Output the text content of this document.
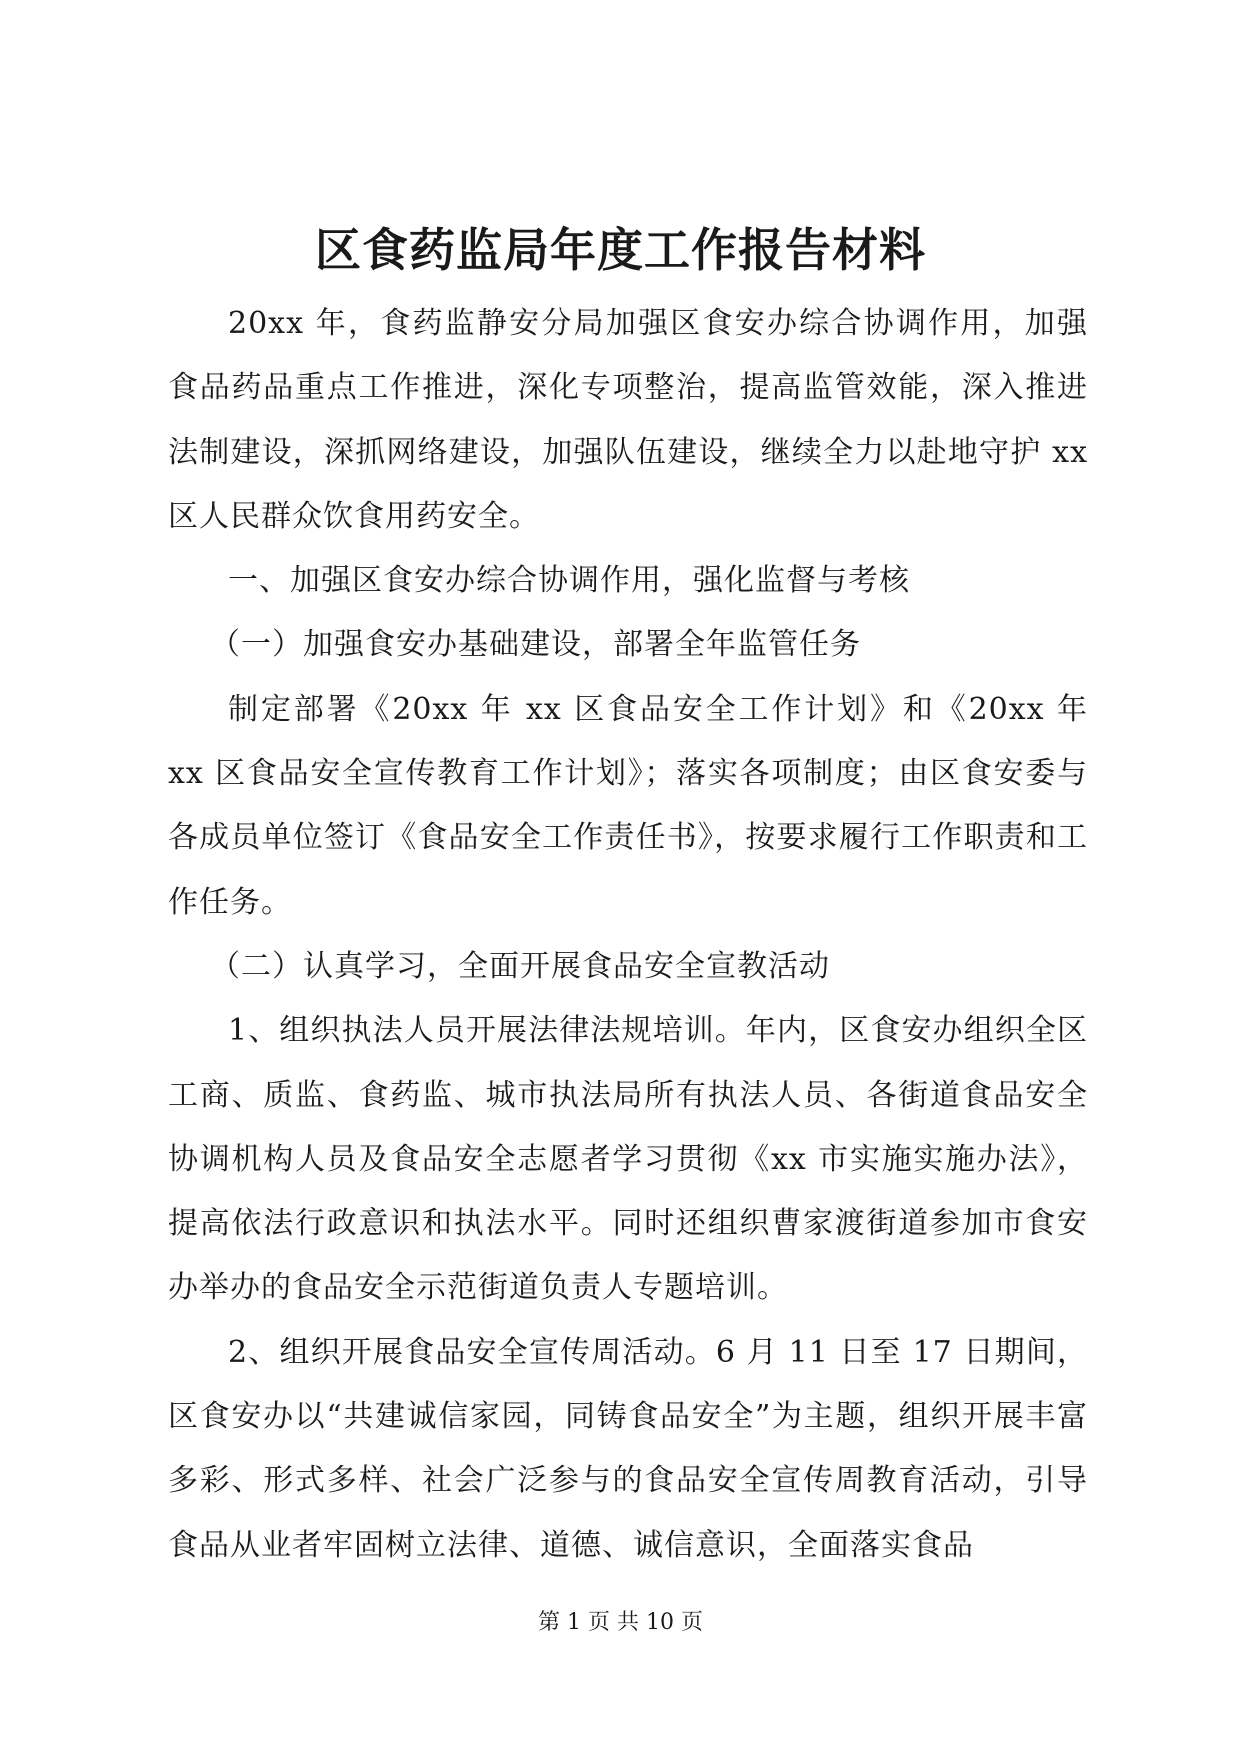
区食药监局年度工作报告材料

20xx 年，食药监静安分局加强区食安办综合协调作用，加强食品药品重点工作推进，深化专项整治，提高监管效能，深入推进法制建设，深抓网络建设，加强队伍建设，继续全力以赴地守护 xx 区人民群众饮食用药安全。

一、加强区食安办综合协调作用，强化监督与考核

（一）加强食安办基础建设，部署全年监管任务

制定部署《20xx 年 xx 区食品安全工作计划》和《20xx 年 xx 区食品安全宣传教育工作计划》；落实各项制度；由区食安委与各成员单位签订《食品安全工作责任书》，按要求履行工作职责和工作任务。

（二）认真学习，全面开展食品安全宣教活动

1、组织执法人员开展法律法规培训。年内，区食安办组织全区工商、质监、食药监、城市执法局所有执法人员、各街道食品安全协调机构人员及食品安全志愿者学习贯彻《xx 市实施实施办法》，提高依法行政意识和执法水平。同时还组织曹家渡街道参加市食安办举办的食品安全示范街道负责人专题培训。

2、组织开展食品安全宣传周活动。6 月 11 日至 17 日期间，区食安办以“共建诚信家园，同铸食品安全”为主题，组织开展丰富多彩、形式多样、社会广泛参与的食品安全宣传周教育活动，引导食品从业者牢固树立法律、道德、诚信意识，全面落实食品

第 1 页 共 10 页
